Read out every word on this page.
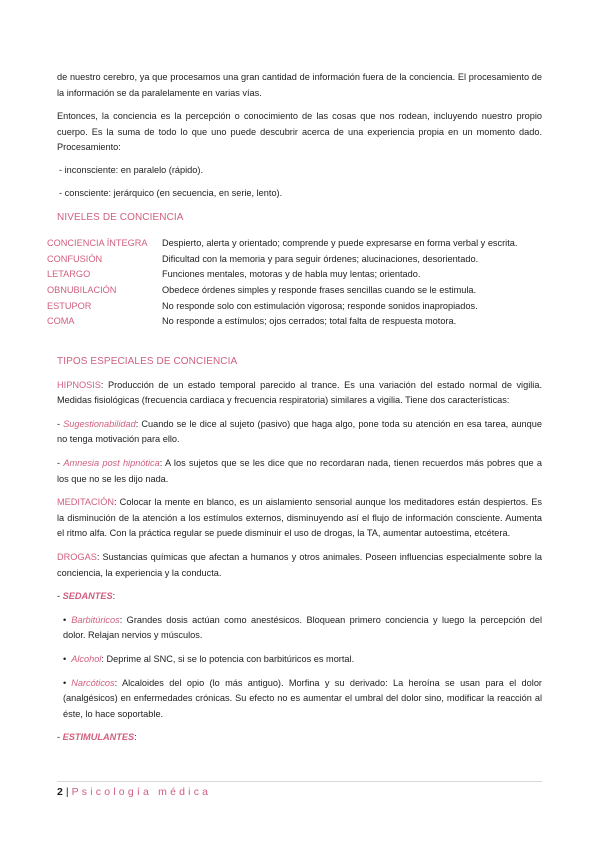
de nuestro cerebro, ya que procesamos una gran cantidad de información fuera de la conciencia. El procesamiento de la información se da paralelamente en varias vías.

Entonces, la conciencia es la percepción o conocimiento de las cosas que nos rodean, incluyendo nuestro propio cuerpo. Es la suma de todo lo que uno puede descubrir acerca de una experiencia propia en un momento dado. Procesamiento:

- inconsciente: en paralelo (rápido).

- consciente: jerárquico (en secuencia, en serie, lento).

NIVELES DE CONCIENCIA
CONCIENCIA ÍNTEGRA	Despierto, alerta y orientado; comprende y puede expresarse en forma verbal y escrita.
CONFUSIÓN	Dificultad con la memoria y para seguir órdenes; alucinaciones, desorientado.
LETARGO	Funciones mentales, motoras y de habla muy lentas; orientado.
OBNUBILACIÓN	Obedece órdenes simples y responde frases sencillas cuando se le estimula.
ESTUPOR	No responde solo con estimulación vigorosa; responde sonidos inapropiados.
COMA	No responde a estímulos; ojos cerrados; total falta de respuesta motora.
TIPOS ESPECIALES DE CONCIENCIA

HIPNOSIS: Producción de un estado temporal parecido al trance. Es una variación del estado normal de vigilia. Medidas fisiológicas (frecuencia cardiaca y frecuencia respiratoria) similares a vigilia. Tiene dos características:

- Sugestionabilidad: Cuando se le dice al sujeto (pasivo) que haga algo, pone toda su atención en esa tarea, aunque no tenga motivación para ello.

- Amnesia post hipnótica: A los sujetos que se les dice que no recordaran nada, tienen recuerdos más pobres que a los que no se les dijo nada.

MEDITACIÓN: Colocar la mente en blanco, es un aislamiento sensorial aunque los meditadores están despiertos. Es la disminución de la atención a los estímulos externos, disminuyendo así el flujo de información consciente. Aumenta el ritmo alfa. Con la práctica regular se puede disminuir el uso de drogas, la TA, aumentar autoestima, etcétera.

DROGAS: Sustancias químicas que afectan a humanos y otros animales. Poseen influencias especialmente sobre la conciencia, la experiencia y la conducta.

- SEDANTES:

• Barbitúricos: Grandes dosis actúan como anestésicos. Bloquean primero conciencia y luego la percepción del dolor. Relajan nervios y músculos.

• Alcohol: Deprime al SNC, si se lo potencia con barbitúricos es mortal.

• Narcóticos: Alcaloides del opio (lo más antiguo). Morfina y su derivado: La heroína se usan para el dolor (analgésicos) en enfermedades crónicas. Su efecto no es aumentar el umbral del dolor sino, modificar la reacción al éste, lo hace soportable.

- ESTIMULANTES:

2 | Psicología médica
